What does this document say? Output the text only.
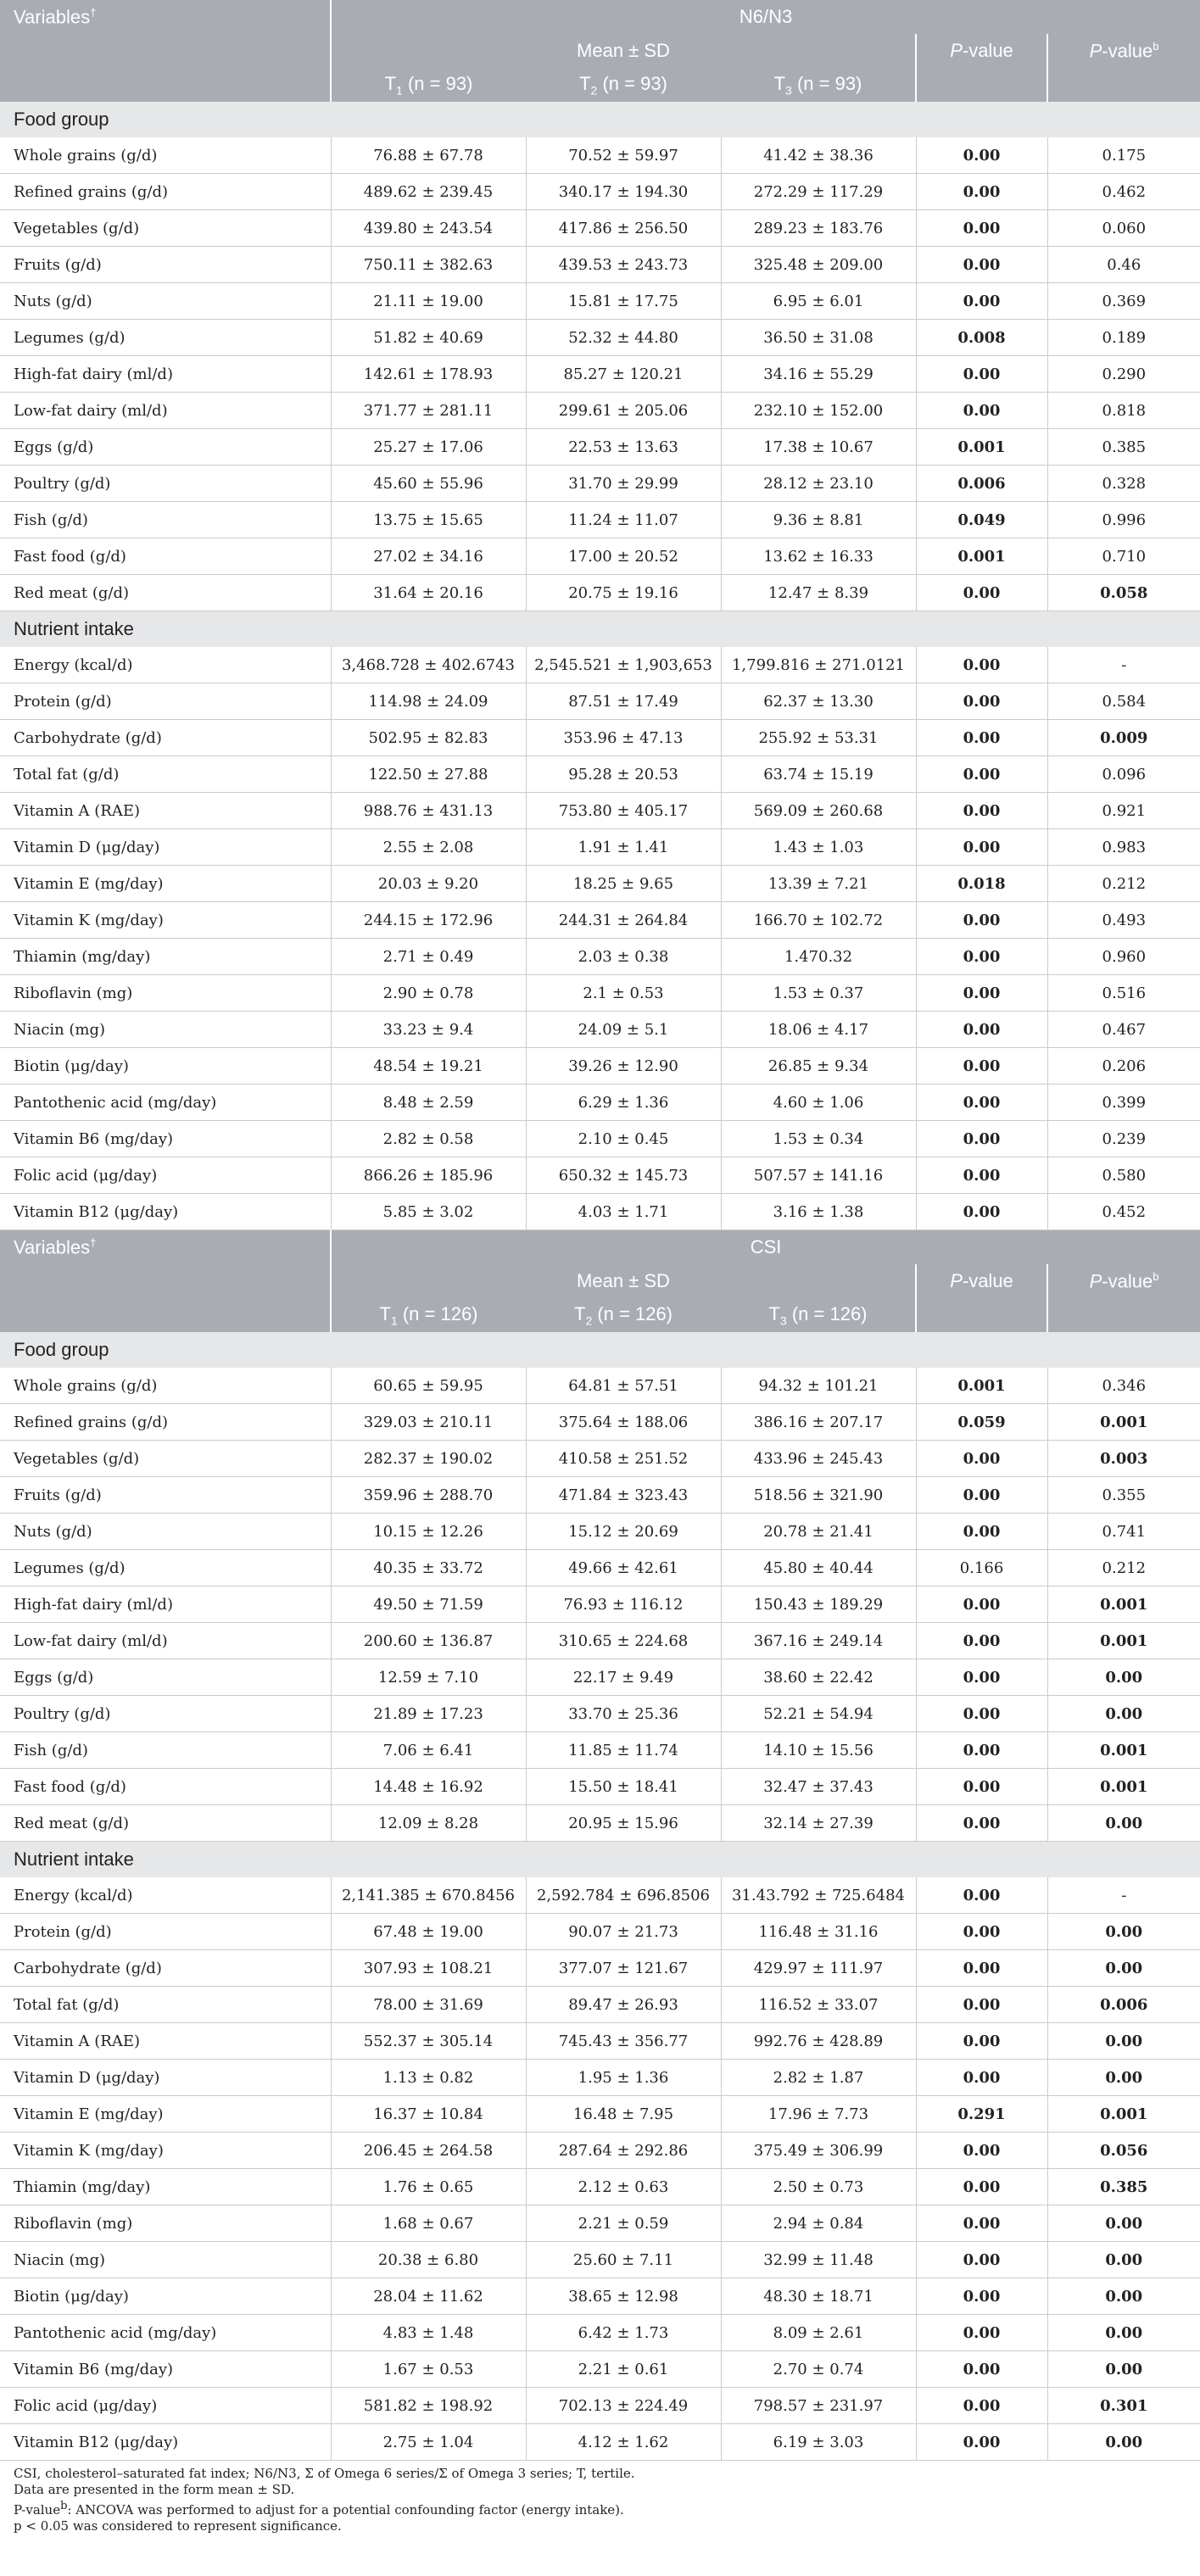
Variables†	N6/N3				
	Mean ± SD			P-value	P-value$^b$
	$T_1$ (n = 93)	$T_2$ (n = 93)	$T_3$ (n = 93)		
Food group					
Whole grains (g/d)	76.88 ± 67.78	70.52 ± 59.97	41.42 ± 38.36	0.00	0.175
Refined grains (g/d)	489.62 ± 239.45	340.17 ± 194.30	272.29 ± 117.29	0.00	0.462
Vegetables (g/d)	439.80 ± 243.54	417.86 ± 256.50	289.23 ± 183.76	0.00	0.060
Fruits (g/d)	750.11 ± 382.63	439.53 ± 243.73	325.48 ± 209.00	0.00	0.46
Nuts (g/d)	21.11 ± 19.00	15.81 ± 17.75	6.95 ± 6.01	0.00	0.369
Legumes (g/d)	51.82 ± 40.69	52.32 ± 44.80	36.50 ± 31.08	0.008	0.189
High-fat dairy (ml/d)	142.61 ± 178.93	85.27 ± 120.21	34.16 ± 55.29	0.00	0.290
Low-fat dairy (ml/d)	371.77 ± 281.11	299.61 ± 205.06	232.10 ± 152.00	0.00	0.818
Eggs (g/d)	25.27 ± 17.06	22.53 ± 13.63	17.38 ± 10.67	0.001	0.385
Poultry (g/d)	45.60 ± 55.96	31.70 ± 29.99	28.12 ± 23.10	0.006	0.328
Fish (g/d)	13.75 ± 15.65	11.24 ± 11.07	9.36 ± 8.81	0.049	0.996
Fast food (g/d)	27.02 ± 34.16	17.00 ± 20.52	13.62 ± 16.33	0.001	0.710
Red meat (g/d)	31.64 ± 20.16	20.75 ± 19.16	12.47 ± 8.39	0.00	0.058
Nutrient intake					
Energy (kcal/d)	3,468.728 ± 402.6743	2,545.521 ± 1,903,653	1,799.816 ± 271.0121	0.00	-
Protein (g/d)	114.98 ± 24.09	87.51 ± 17.49	62.37 ± 13.30	0.00	0.584
Carbohydrate (g/d)	502.95 ± 82.83	353.96 ± 47.13	255.92 ± 53.31	0.00	0.009
Total fat (g/d)	122.50 ± 27.88	95.28 ± 20.53	63.74 ± 15.19	0.00	0.096
Vitamin A (RAE)	988.76 ± 431.13	753.80 ± 405.17	569.09 ± 260.68	0.00	0.921
Vitamin D (μg/day)	2.55 ± 2.08	1.91 ± 1.41	1.43 ± 1.03	0.00	0.983
Vitamin E (mg/day)	20.03 ± 9.20	18.25 ± 9.65	13.39 ± 7.21	0.018	0.212
Vitamin K (mg/day)	244.15 ± 172.96	244.31 ± 264.84	166.70 ± 102.72	0.00	0.493
Thiamin (mg/day)	2.71 ± 0.49	2.03 ± 0.38	1.470.32	0.00	0.960
Riboflavin (mg)	2.90 ± 0.78	2.1 ± 0.53	1.53 ± 0.37	0.00	0.516
Niacin (mg)	33.23 ± 9.4	24.09 ± 5.1	18.06 ± 4.17	0.00	0.467
Biotin (μg/day)	48.54 ± 19.21	39.26 ± 12.90	26.85 ± 9.34	0.00	0.206
Pantothenic acid (mg/day)	8.48 ± 2.59	6.29 ± 1.36	4.60 ± 1.06	0.00	0.399
Vitamin B6 (mg/day)	2.82 ± 0.58	2.10 ± 0.45	1.53 ± 0.34	0.00	0.239
Folic acid (μg/day)	866.26 ± 185.96	650.32 ± 145.73	507.57 ± 141.16	0.00	0.580
Vitamin B12 (μg/day)	5.85 ± 3.02	4.03 ± 1.71	3.16 ± 1.38	0.00	0.452
Variables†	CSI				
	Mean ± SD			P-value	P-value$^b$
	$T_1$ (n = 126)	$T_2$ (n = 126)	$T_3$ (n = 126)		
Food group					
Whole grains (g/d)	60.65 ± 59.95	64.81 ± 57.51	94.32 ± 101.21	0.001	0.346
Refined grains (g/d)	329.03 ± 210.11	375.64 ± 188.06	386.16 ± 207.17	0.059	0.001
Vegetables (g/d)	282.37 ± 190.02	410.58 ± 251.52	433.96 ± 245.43	0.00	0.003
Fruits (g/d)	359.96 ± 288.70	471.84 ± 323.43	518.56 ± 321.90	0.00	0.355
Nuts (g/d)	10.15 ± 12.26	15.12 ± 20.69	20.78 ± 21.41	0.00	0.741
Legumes (g/d)	40.35 ± 33.72	49.66 ± 42.61	45.80 ± 40.44	0.166	0.212
High-fat dairy (ml/d)	49.50 ± 71.59	76.93 ± 116.12	150.43 ± 189.29	0.00	0.001
Low-fat dairy (ml/d)	200.60 ± 136.87	310.65 ± 224.68	367.16 ± 249.14	0.00	0.001
Eggs (g/d)	12.59 ± 7.10	22.17 ± 9.49	38.60 ± 22.42	0.00	0.00
Poultry (g/d)	21.89 ± 17.23	33.70 ± 25.36	52.21 ± 54.94	0.00	0.00
Fish (g/d)	7.06 ± 6.41	11.85 ± 11.74	14.10 ± 15.56	0.00	0.001
Fast food (g/d)	14.48 ± 16.92	15.50 ± 18.41	32.47 ± 37.43	0.00	0.001
Red meat (g/d)	12.09 ± 8.28	20.95 ± 15.96	32.14 ± 27.39	0.00	0.00
Nutrient intake					
Energy (kcal/d)	2,141.385 ± 670.8456	2,592.784 ± 696.8506	31.43.792 ± 725.6484	0.00	-
Protein (g/d)	67.48 ± 19.00	90.07 ± 21.73	116.48 ± 31.16	0.00	0.00
Carbohydrate (g/d)	307.93 ± 108.21	377.07 ± 121.67	429.97 ± 111.97	0.00	0.00
Total fat (g/d)	78.00 ± 31.69	89.47 ± 26.93	116.52 ± 33.07	0.00	0.006
Vitamin A (RAE)	552.37 ± 305.14	745.43 ± 356.77	992.76 ± 428.89	0.00	0.00
Vitamin D (μg/day)	1.13 ± 0.82	1.95 ± 1.36	2.82 ± 1.87	0.00	0.00
Vitamin E (mg/day)	16.37 ± 10.84	16.48 ± 7.95	17.96 ± 7.73	0.291	0.001
Vitamin K (mg/day)	206.45 ± 264.58	287.64 ± 292.86	375.49 ± 306.99	0.00	0.056
Thiamin (mg/day)	1.76 ± 0.65	2.12 ± 0.63	2.50 ± 0.73	0.00	0.385
Riboflavin (mg)	1.68 ± 0.67	2.21 ± 0.59	2.94 ± 0.84	0.00	0.00
Niacin (mg)	20.38 ± 6.80	25.60 ± 7.11	32.99 ± 11.48	0.00	0.00
Biotin (μg/day)	28.04 ± 11.62	38.65 ± 12.98	48.30 ± 18.71	0.00	0.00
Pantothenic acid (mg/day)	4.83 ± 1.48	6.42 ± 1.73	8.09 ± 2.61	0.00	0.00
Vitamin B6 (mg/day)	1.67 ± 0.53	2.21 ± 0.61	2.70 ± 0.74	0.00	0.00
Folic acid (μg/day)	581.82 ± 198.92	702.13 ± 224.49	798.57 ± 231.97	0.00	0.301
Vitamin B12 (μg/day)	2.75 ± 1.04	4.12 ± 1.62	6.19 ± 3.03	0.00	0.00

CSI, cholesterol–saturated fat index; N6/N3, Σ of Omega 6 series/Σ of Omega 3 series; T, tertile.

Data are presented in the form mean ± SD.

P-valueb: ANCOVA was performed to adjust for a potential confounding factor (energy intake).

p < 0.05 was considered to represent significance.
